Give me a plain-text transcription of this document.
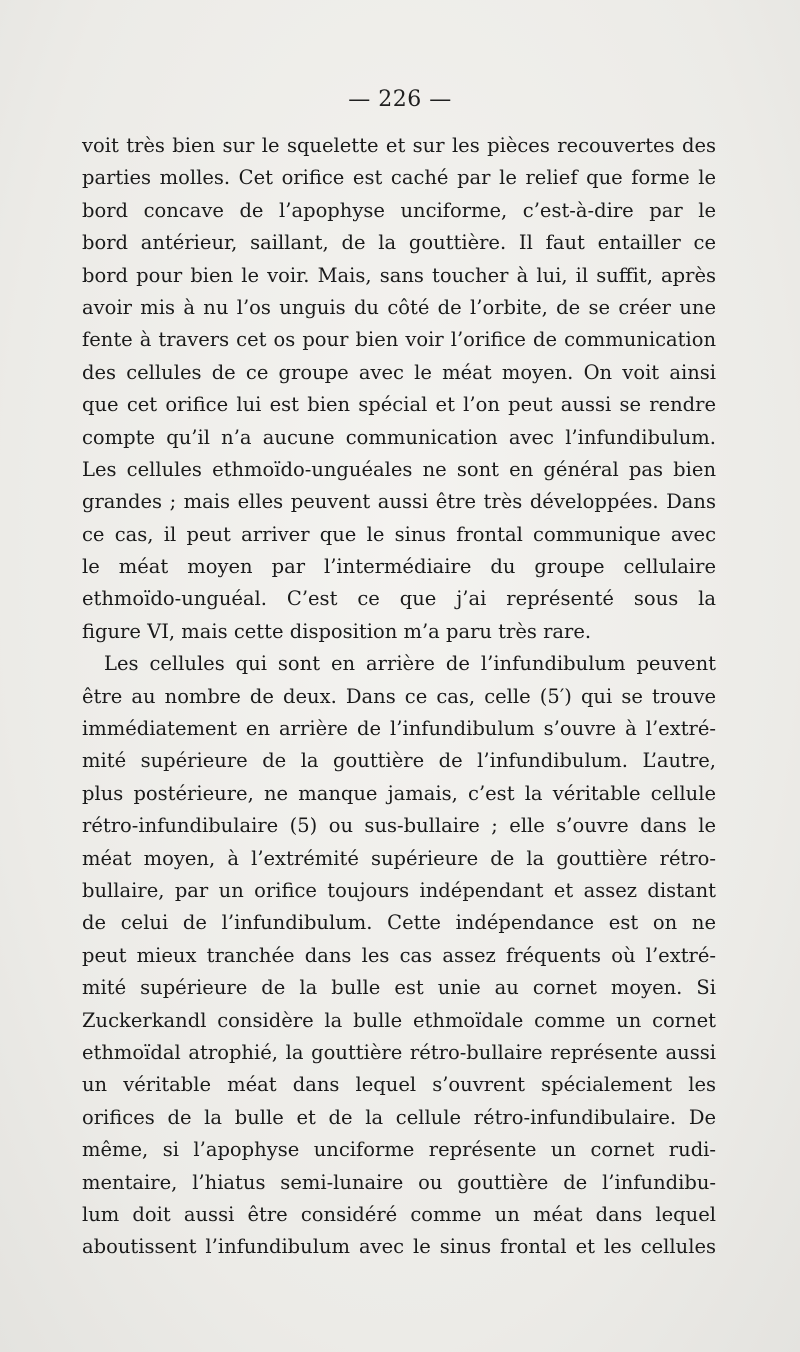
— 226 —
voit très bien sur le squelette et sur les pièces recouvertes des
parties molles. Cet orifice est caché par le relief que forme le
bord concave de l’apophyse unciforme, c’est-à-dire par le
bord antérieur, saillant, de la gouttière. Il faut entailler ce
bord pour bien le voir. Mais, sans toucher à lui, il suffit, après
avoir mis à nu l’os unguis du côté de l’orbite, de se créer une
fente à travers cet os pour bien voir l’orifice de communication
des cellules de ce groupe avec le méat moyen. On voit ainsi
que cet orifice lui est bien spécial et l’on peut aussi se rendre
compte qu’il n’a aucune communication avec l’infundibulum.
Les cellules ethmoïdo-unguéales ne sont en général pas bien
grandes ; mais elles peuvent aussi être très développées. Dans
ce cas, il peut arriver que le sinus frontal communique avec
le méat moyen par l’intermédiaire du groupe cellulaire
ethmoïdo-unguéal. C’est ce que j’ai représenté sous la
figure VI, mais cette disposition m’a paru très rare.
Les cellules qui sont en arrière de l’infundibulum peuvent
être au nombre de deux. Dans ce cas, celle (5′) qui se trouve
immédiatement en arrière de l’infundibulum s’ouvre à l’extré-
mité supérieure de la gouttière de l’infundibulum. L’autre,
plus postérieure, ne manque jamais, c’est la véritable cellule
rétro-infundibulaire (5) ou sus-bullaire ; elle s’ouvre dans le
méat moyen, à l’extrémité supérieure de la gouttière rétro-
bullaire, par un orifice toujours indépendant et assez distant
de celui de l’infundibulum. Cette indépendance est on ne
peut mieux tranchée dans les cas assez fréquents où l’extré-
mité supérieure de la bulle est unie au cornet moyen. Si
Zuckerkandl considère la bulle ethmoïdale comme un cornet
ethmoïdal atrophié, la gouttière rétro-bullaire représente aussi
un véritable méat dans lequel s’ouvrent spécialement les
orifices de la bulle et de la cellule rétro-infundibulaire. De
même, si l’apophyse unciforme représente un cornet rudi-
mentaire, l’hiatus semi-lunaire ou gouttière de l’infundibu-
lum doit aussi être considéré comme un méat dans lequel
aboutissent l’infundibulum avec le sinus frontal et les cellules
